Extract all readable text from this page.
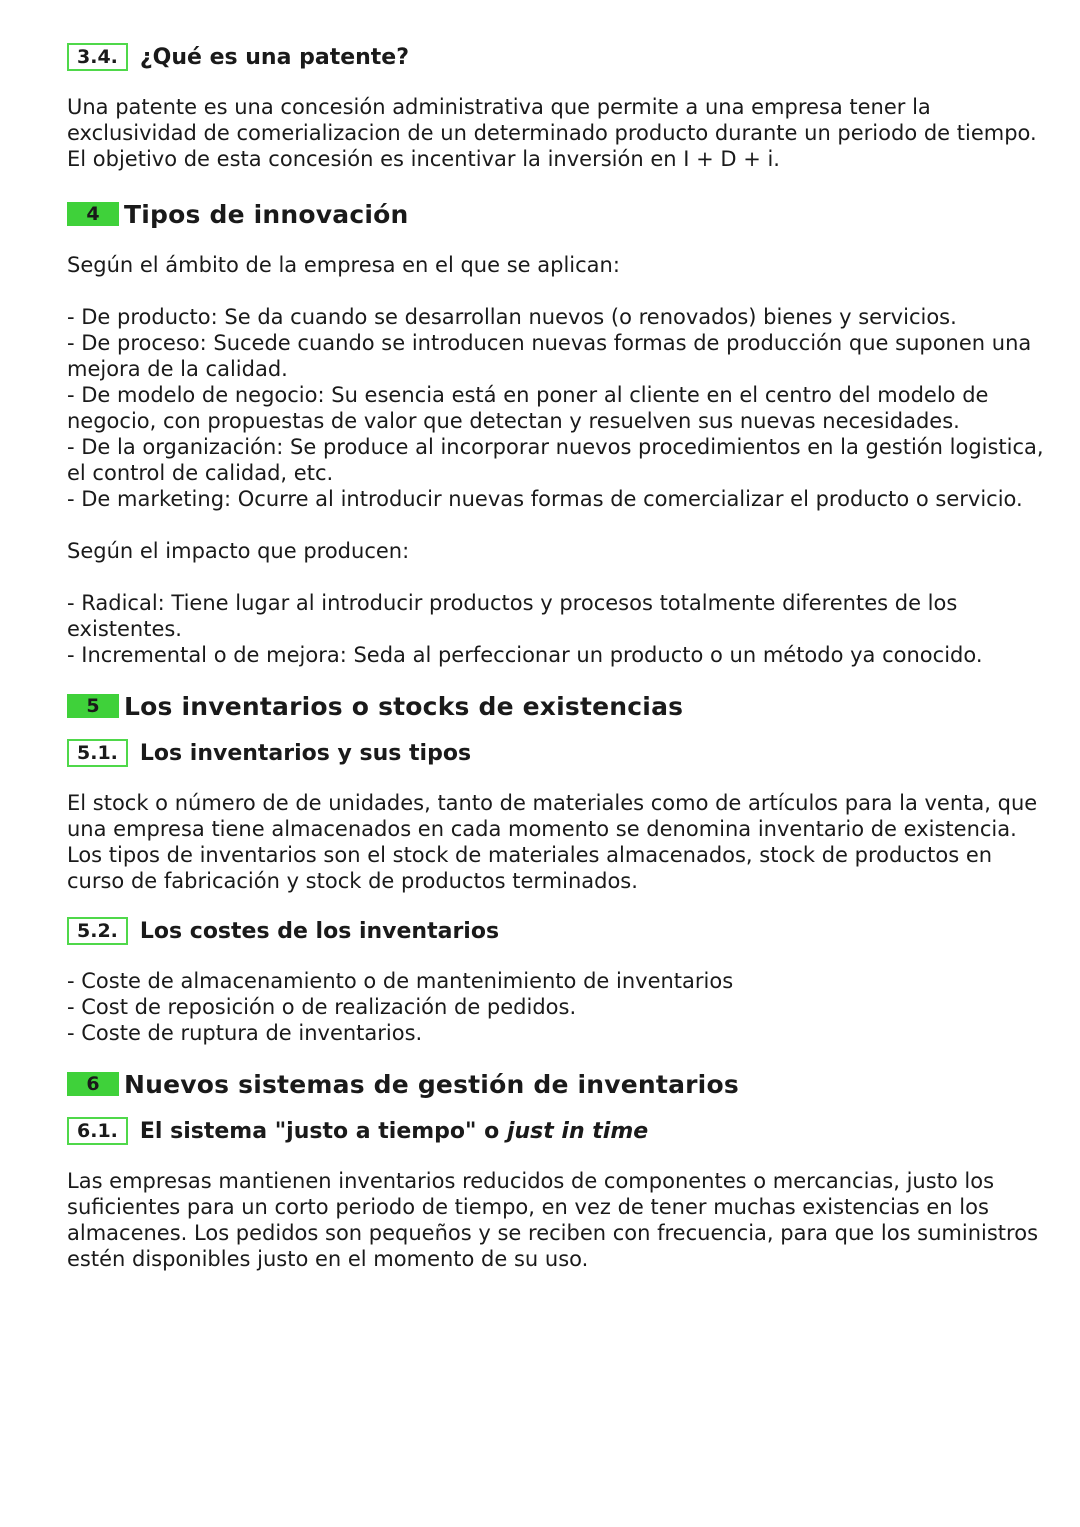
3.4.	¿Qué es una patente?

Una patente es una concesión administrativa que permite a una empresa tener la

exclusividad de comerializacion de un determinado producto durante un periodo de tiempo.

El objetivo de esta concesión es incentivar la inversión en I + D + i.

4 Tipos de innovación

Según el ámbito de la empresa en el que se aplican:

- De producto: Se da cuando se desarrollan nuevos (o renovados) bienes y servicios.

- De proceso: Sucede cuando se introducen nuevas formas de producción que suponen una

mejora de la calidad.

- De modelo de negocio: Su esencia está en poner al cliente en el centro del modelo de

negocio, con propuestas de valor que detectan y resuelven sus nuevas necesidades.

- De la organización: Se produce al incorporar nuevos procedimientos en la gestión logistica,

el control de calidad, etc.

- De marketing: Ocurre al introducir nuevas formas de comercializar el producto o servicio.

Según el impacto que producen:

- Radical: Tiene lugar al introducir productos y procesos totalmente diferentes de los

existentes.

- Incremental o de mejora: Seda al perfeccionar un producto o un método ya conocido.

5 Los inventarios o stocks de existencias
5.1.	Los inventarios y sus tipos

El stock o número de de unidades, tanto de materiales como de artículos para la venta, que

una empresa tiene almacenados en cada momento se denomina inventario de existencia.

Los tipos de inventarios son el stock de materiales almacenados, stock de productos en

curso de fabricación y stock de productos terminados.

5.2.	Los costes de los inventarios

- Coste de almacenamiento o de mantenimiento de inventarios

- Cost de reposición o de realización de pedidos.

- Coste de ruptura de inventarios.

6 Nuevos sistemas de gestión de inventarios
6.1.	El sistema "justo a tiempo" o just in time

Las empresas mantienen inventarios reducidos de componentes o mercancias, justo los

suficientes para un corto periodo de tiempo, en vez de tener muchas existencias en los

almacenes. Los pedidos son pequeños y se reciben con frecuencia, para que los suministros

estén disponibles justo en el momento de su uso.
